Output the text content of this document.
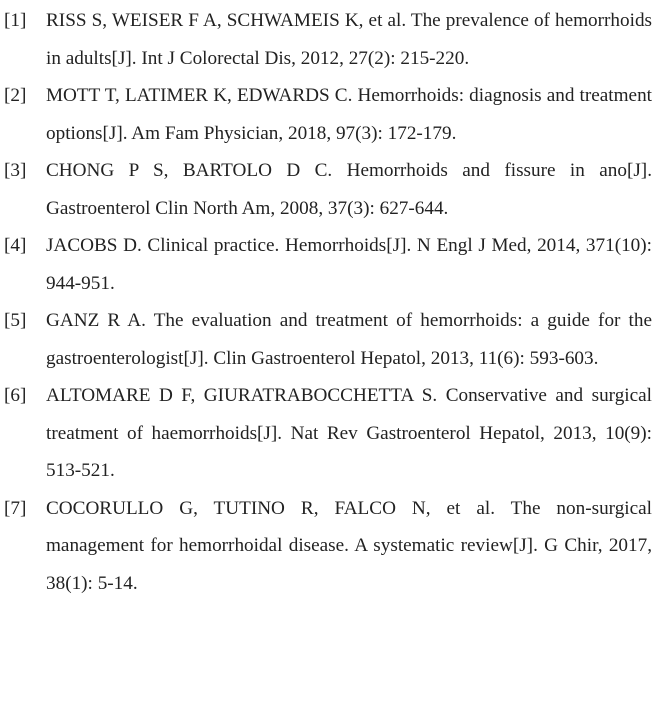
[1] RISS S, WEISER F A, SCHWAMEIS K, et al. The prevalence of hemorrhoids in adults[J]. Int J Colorectal Dis, 2012, 27(2): 215-220.
[2] MOTT T, LATIMER K, EDWARDS C. Hemorrhoids: diagnosis and treatment options[J]. Am Fam Physician, 2018, 97(3): 172-179.
[3] CHONG P S, BARTOLO D C. Hemorrhoids and fissure in ano[J]. Gastroenterol Clin North Am, 2008, 37(3): 627-644.
[4] JACOBS D. Clinical practice. Hemorrhoids[J]. N Engl J Med, 2014, 371(10): 944-951.
[5] GANZ R A. The evaluation and treatment of hemorrhoids: a guide for the gastroenterologist[J]. Clin Gastroenterol Hepatol, 2013, 11(6): 593-603.
[6] ALTOMARE D F, GIURATRABOCCHETTA S. Conservative and surgical treatment of haemorrhoids[J]. Nat Rev Gastroenterol Hepatol, 2013, 10(9): 513-521.
[7] COCORULLO G, TUTINO R, FALCO N, et al. The non-surgical management for hemorrhoidal disease. A systematic review[J]. G Chir, 2017, 38(1): 5-14.
